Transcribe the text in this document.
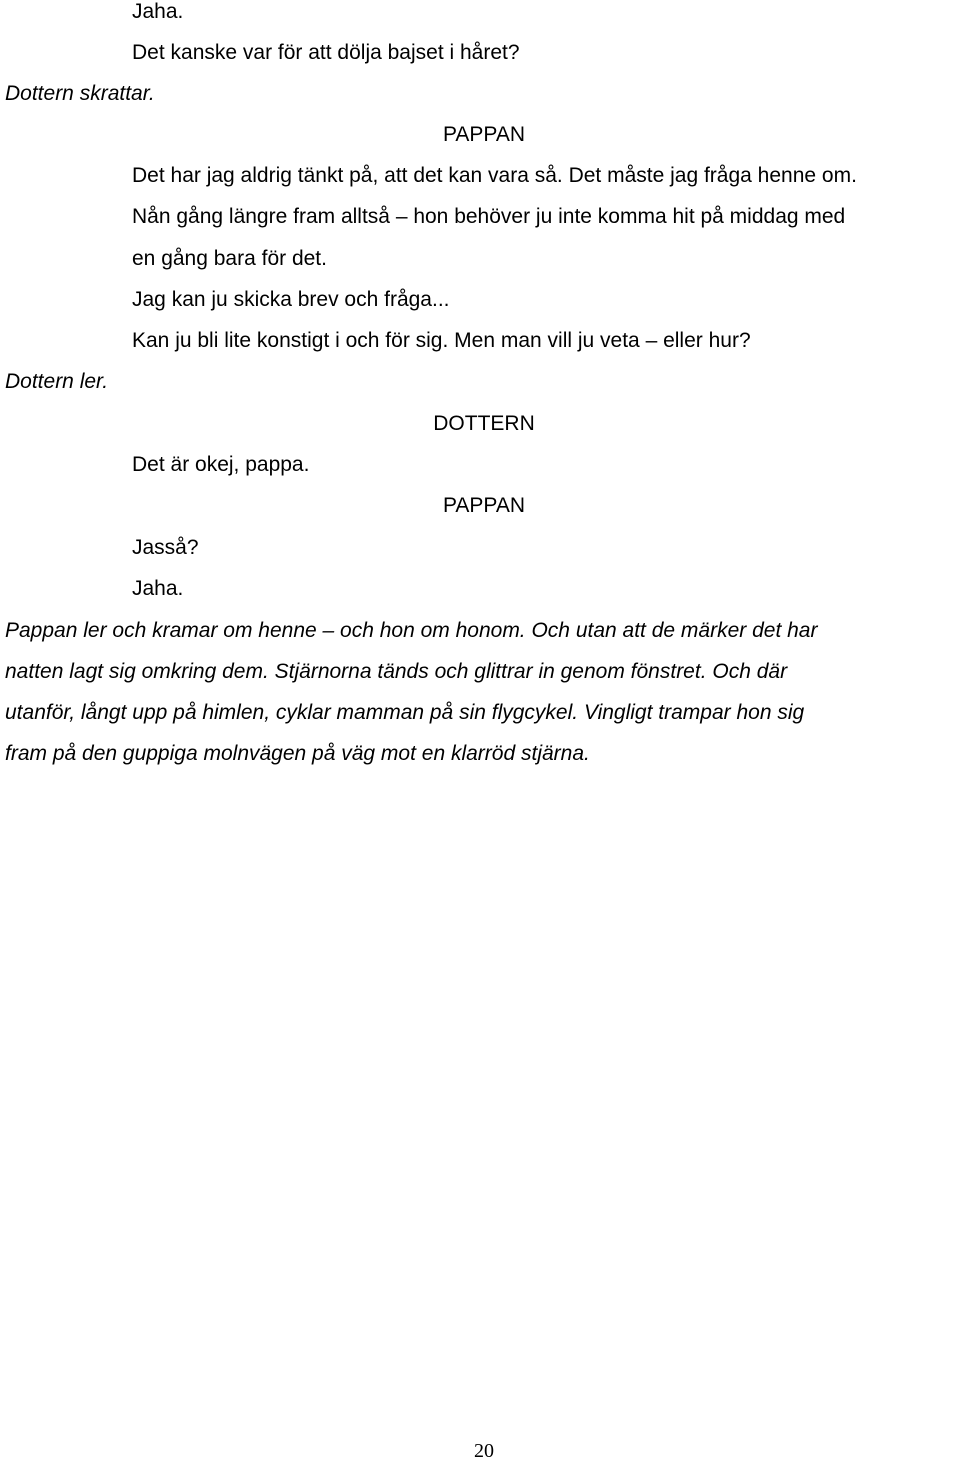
Jaha.
Det kanske var för att dölja bajset i håret?
Dottern skrattar.
PAPPAN
Det har jag aldrig tänkt på, att det kan vara så. Det måste jag fråga henne om.
Nån gång längre fram alltså – hon behöver ju inte komma hit på middag med
en gång bara för det.
Jag kan ju skicka brev och fråga...
Kan ju bli lite konstigt i och för sig. Men man vill ju veta – eller hur?
Dottern ler.
DOTTERN
Det är okej, pappa.
PAPPAN
Jasså?
Jaha.
Pappan ler och kramar om henne – och hon om honom. Och utan att de märker det har
natten lagt sig omkring dem. Stjärnorna tänds och glittrar in genom fönstret. Och där
utanför, långt upp på himlen, cyklar mamman på sin flygcykel. Vingligt trampar hon sig
fram på den guppiga molnvägen på väg mot en klarröd stjärna.
20
